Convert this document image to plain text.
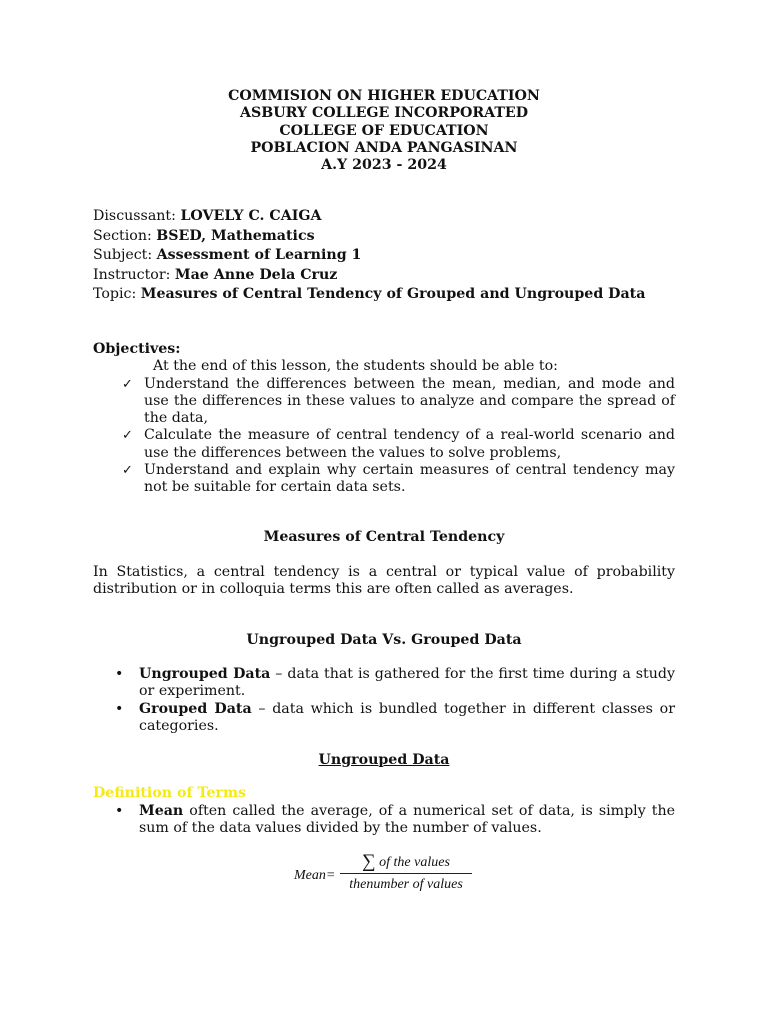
COMMISION ON HIGHER EDUCATION
ASBURY COLLEGE INCORPORATED
COLLEGE OF EDUCATION
POBLACION ANDA PANGASINAN
A.Y 2023 - 2024
Discussant: LOVELY C. CAIGA
Section: BSED, Mathematics
Subject: Assessment of Learning 1
Instructor: Mae Anne Dela Cruz
Topic: Measures of Central Tendency of Grouped and Ungrouped Data
Objectives:
At the end of this lesson, the students should be able to:
✓ Understand the differences between the mean, median, and mode and use the differences in these values to analyze and compare the spread of the data,
✓ Calculate the measure of central tendency of a real-world scenario and use the differences between the values to solve problems,
✓ Understand and explain why certain measures of central tendency may not be suitable for certain data sets.
Measures of Central Tendency
In Statistics, a central tendency is a central or typical value of probability distribution or in colloquia terms this are often called as averages.
Ungrouped Data Vs. Grouped Data
• Ungrouped Data – data that is gathered for the first time during a study or experiment.
• Grouped Data – data which is bundled together in different classes or categories.
Ungrouped Data
Definition of Terms
• Mean often called the average, of a numerical set of data, is simply the sum of the data values divided by the number of values.
Mean=
∑ of the values
thenumber of values
